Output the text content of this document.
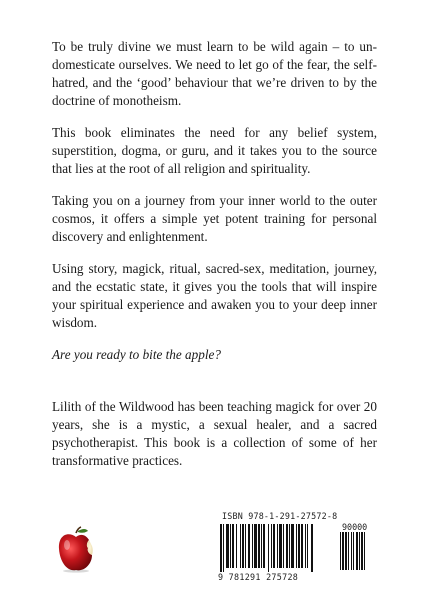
To be truly divine we must learn to be wild again – to un-domesticate ourselves. We need to let go of the fear, the self-hatred, and the ‘good’ behaviour that we’re driven to by the doctrine of monotheism.

This book eliminates the need for any belief system, superstition, dogma, or guru, and it takes you to the source that lies at the root of all religion and spirituality.

Taking you on a journey from your inner world to the outer cosmos, it offers a simple yet potent training for personal discovery and enlightenment.

Using story, magick, ritual, sacred-sex, meditation, journey, and the ecstatic state, it gives you the tools that will inspire your spiritual experience and awaken you to your deep inner wisdom.

Are you ready to bite the apple?

Lilith of the Wildwood has been teaching magick for over 20 years, she is a mystic, a sexual healer, and a sacred psychotherapist. This book is a collection of some of her transformative practices.

ISBN 978-1-291-27572-8
90000
9 781291 275728
